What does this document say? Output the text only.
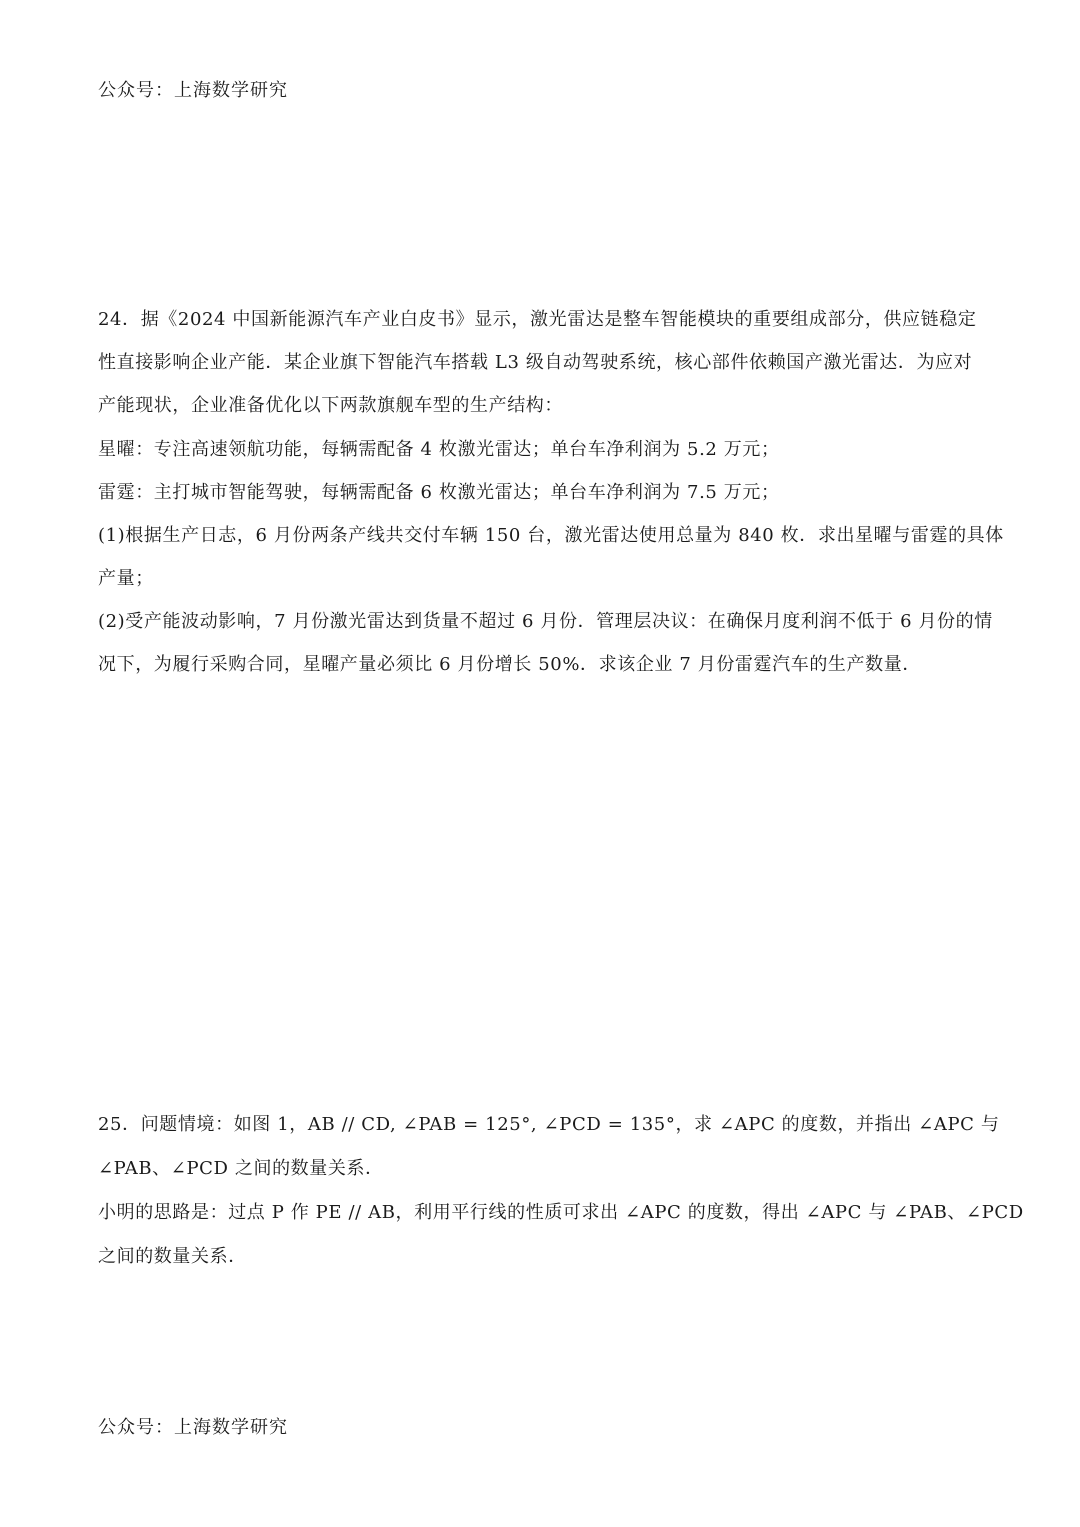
公众号：上海数学研究
24．据《2024 中国新能源汽车产业白皮书》显示，激光雷达是整车智能模块的重要组成部分，供应链稳定
性直接影响企业产能．某企业旗下智能汽车搭载 L3 级自动驾驶系统，核心部件依赖国产激光雷达．为应对
产能现状，企业准备优化以下两款旗舰车型的生产结构：
星曜：专注高速领航功能，每辆需配备 4 枚激光雷达；单台车净利润为 5.2 万元；
雷霆：主打城市智能驾驶，每辆需配备 6 枚激光雷达；单台车净利润为 7.5 万元；
(1)根据生产日志，6 月份两条产线共交付车辆 150 台，激光雷达使用总量为 840 枚．求出星曜与雷霆的具体
产量；
(2)受产能波动影响，7 月份激光雷达到货量不超过 6 月份．管理层决议：在确保月度利润不低于 6 月份的情
况下，为履行采购合同，星曜产量必须比 6 月份增长 50%．求该企业 7 月份雷霆汽车的生产数量．
25．问题情境：如图 1，AB // CD, ∠PAB = 125°, ∠PCD = 135°，求 ∠APC 的度数，并指出 ∠APC 与
∠PAB、∠PCD 之间的数量关系．
小明的思路是：过点 P 作 PE // AB，利用平行线的性质可求出 ∠APC 的度数，得出 ∠APC 与 ∠PAB、∠PCD
之间的数量关系．
公众号：上海数学研究
